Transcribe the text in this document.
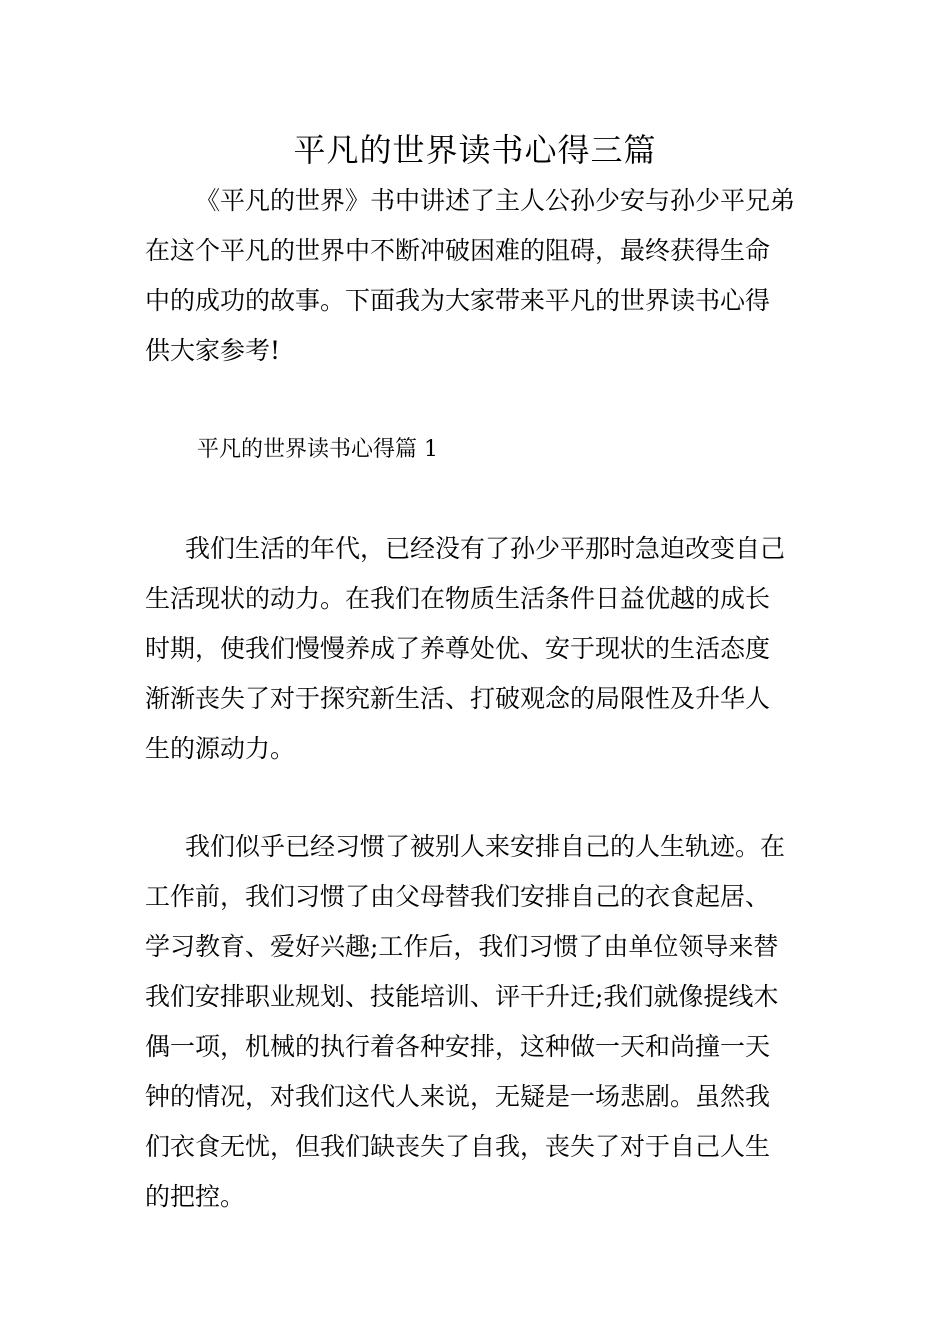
平凡的世界读书心得三篇
《平凡的世界》书中讲述了主人公孙少安与孙少平兄弟
在这个平凡的世界中不断冲破困难的阻碍，最终获得生命
中的成功的故事。下面我为大家带来平凡的世界读书心得
供大家参考!
平凡的世界读书心得篇 1
我们生活的年代，已经没有了孙少平那时急迫改变自己
生活现状的动力。在我们在物质生活条件日益优越的成长
时期，使我们慢慢养成了养尊处优、安于现状的生活态度
渐渐丧失了对于探究新生活、打破观念的局限性及升华人
生的源动力。
我们似乎已经习惯了被别人来安排自己的人生轨迹。在
工作前，我们习惯了由父母替我们安排自己的衣食起居、
学习教育、爱好兴趣;工作后，我们习惯了由单位领导来替
我们安排职业规划、技能培训、评干升迁;我们就像提线木
偶一项，机械的执行着各种安排，这种做一天和尚撞一天
钟的情况，对我们这代人来说，无疑是一场悲剧。虽然我
们衣食无忧，但我们缺丧失了自我，丧失了对于自己人生
的把控。
